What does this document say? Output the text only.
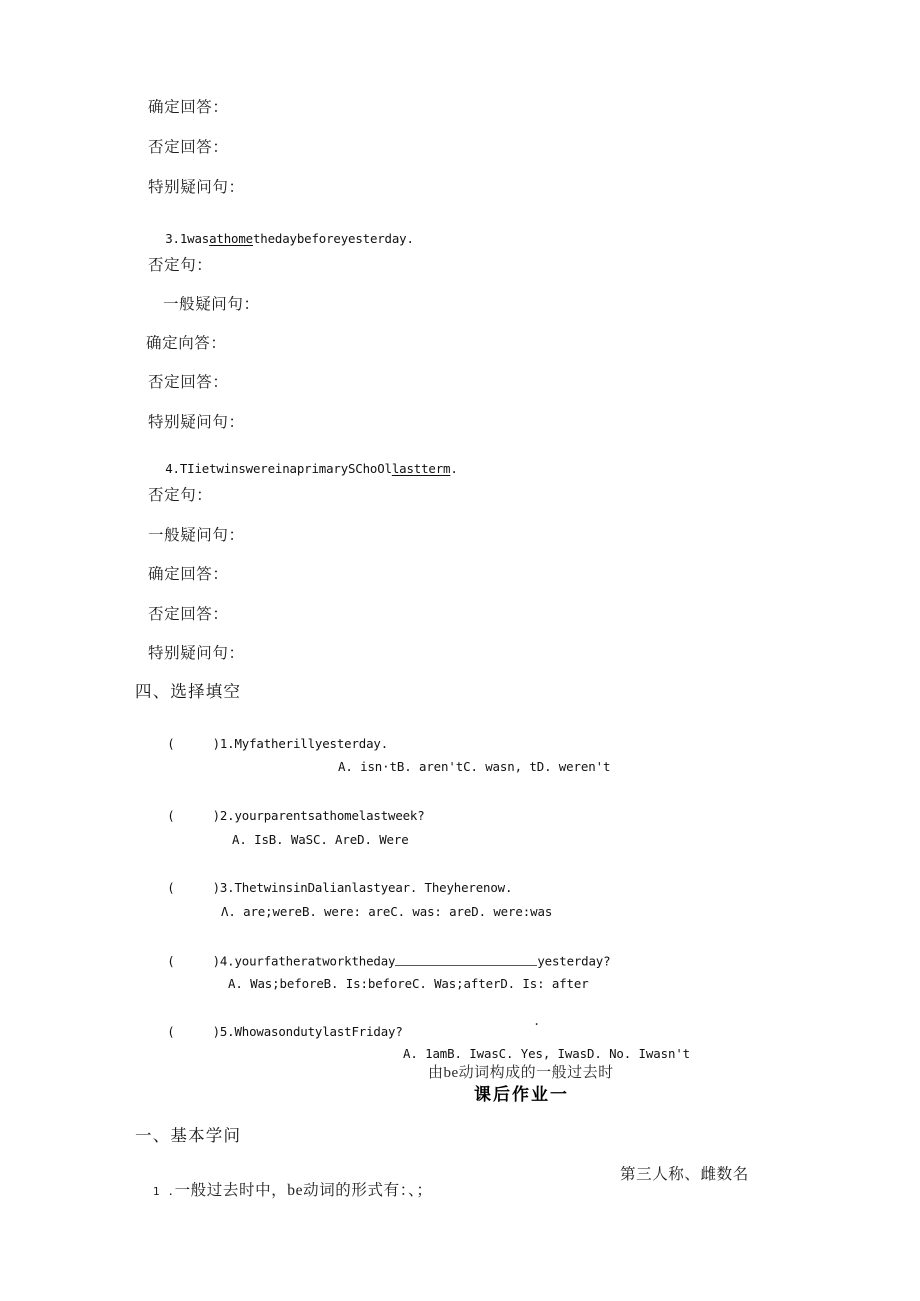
确定回答：
否定回答：
特别疑问句：

3.1wasathomethedaybeforeyesterday.

否定句：
一般疑问句：
确定向答：
否定回答：
特别疑问句：

4.TIietwinswereinaprimarySChoOllastterm.

否定句：
一般疑问句：
确定回答：
否定回答：
特别疑问句：
四、选择填空

(	)1.Myfatherillyesterday.

A. isn·tB. aren'tC. wasn, tD. weren't

(	)2.yourparentsathomelastweek?

A. IsB. WaSC. AreD. Were

(	)3.ThetwinsinDalianlastyear. Theyherenow.

Λ. are;wereB. were: areC. was: areD. were:was

(	)4.yourfatheratworktheday	yesterday?

A. Was;beforeB. Is:beforeC. Was;afterD. Is: after

(	)5.WhowasondutylastFriday?

.
A. 1amB. IwasC. Yes, IwasD. No. Iwasn't
由be动词构成的一般过去时
课后作业一
一、基本学问

1 .一般过去时中，be动词的形式有：、；

第三人称、雌数名
